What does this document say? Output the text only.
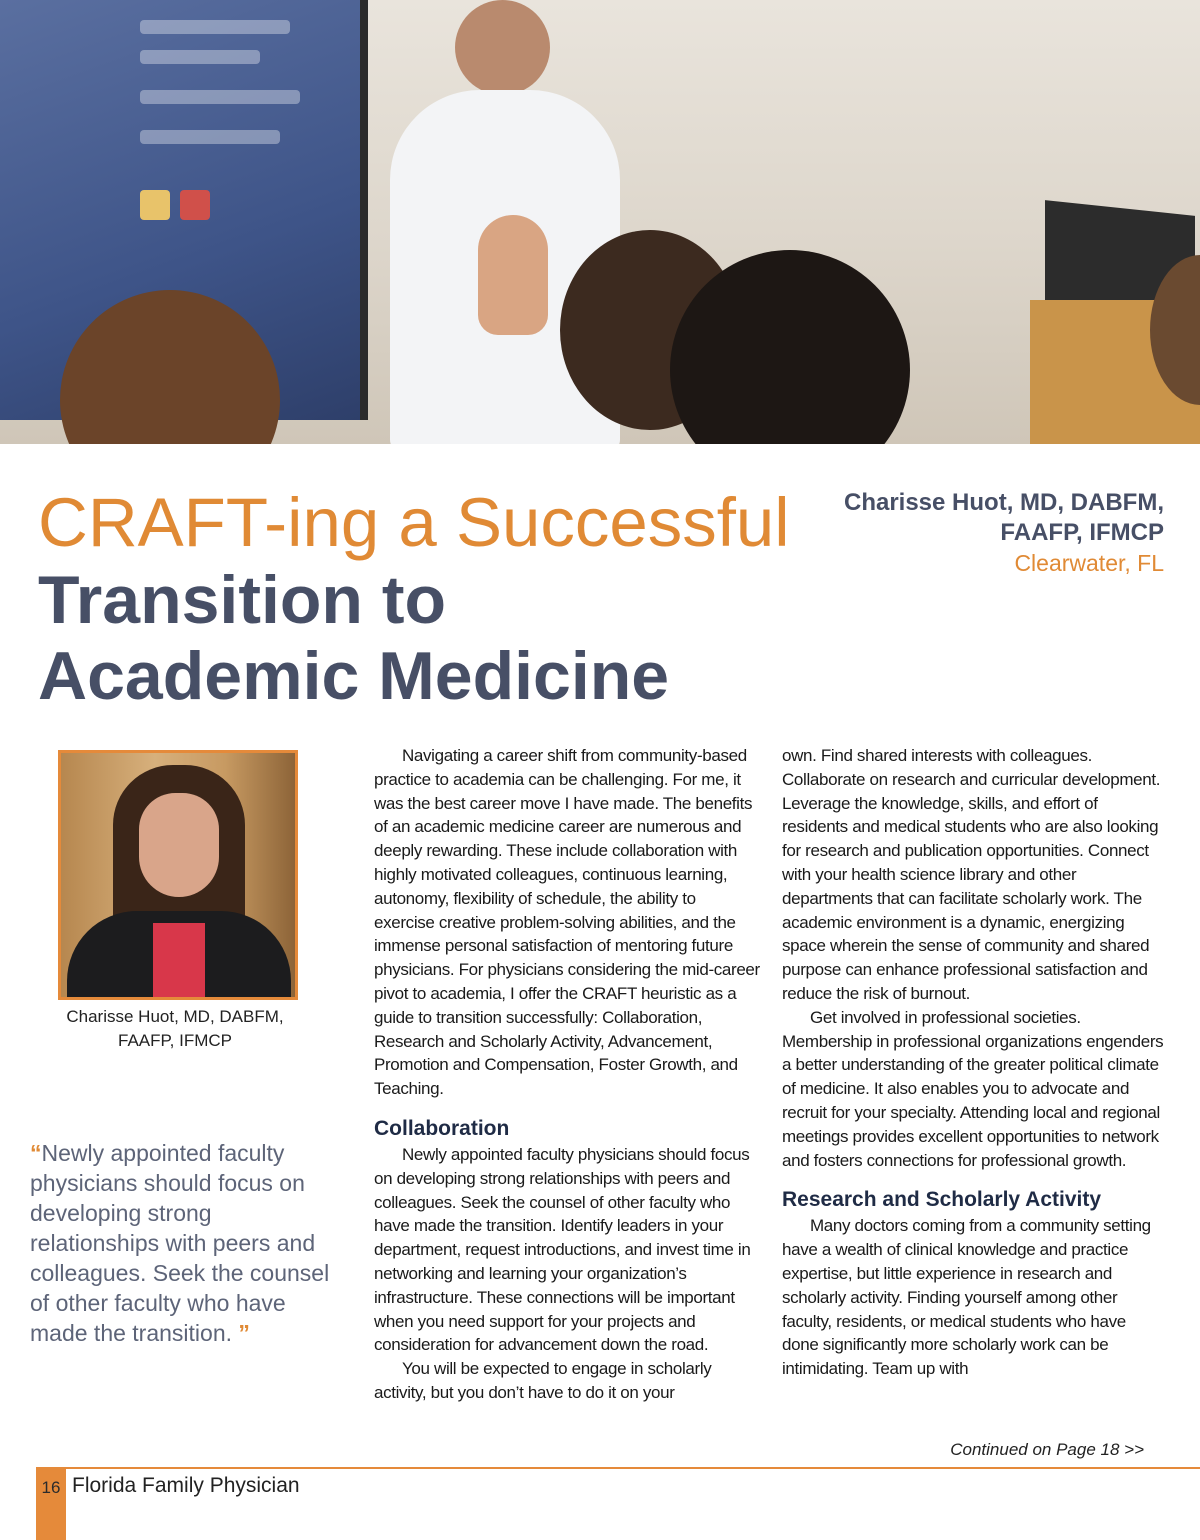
CRAFT-ing a Successful
Transition to
Academic Medicine
Charisse Huot, MD, DABFM,
FAAFP, IFMCP
Clearwater, FL
Charisse Huot, MD, DABFM,
FAAFP, IFMCP
“Newly appointed faculty physicians should focus on developing strong relationships with peers and colleagues. Seek the counsel of other faculty who have made the transition. ”

Navigating a career shift from community-based practice to academia can be challenging. For me, it was the best career move I have made. The benefits of an academic medicine career are numerous and deeply rewarding. These include collaboration with highly motivated colleagues, continuous learning, autonomy, flexibility of schedule, the ability to exercise creative problem-solving abilities, and the immense personal satisfaction of mentoring future physicians. For physicians considering the mid-career pivot to academia, I offer the CRAFT heuristic as a guide to transition successfully: Collaboration, Research and Scholarly Activity, Advancement, Promotion and Compensation, Foster Growth, and Teaching.

Collaboration

Newly appointed faculty physicians should focus on developing strong relationships with peers and colleagues. Seek the counsel of other faculty who have made the transition. Identify leaders in your department, request introductions, and invest time in networking and learning your organization’s infrastructure. These connections will be important when you need support for your projects and consideration for advancement down the road.

You will be expected to engage in scholarly activity, but you don’t have to do it on your

own. Find shared interests with colleagues. Collaborate on research and curricular development. Leverage the knowledge, skills, and effort of residents and medical students who are also looking for research and publication opportunities. Connect with your health science library and other departments that can facilitate scholarly work. The academic environment is a dynamic, energizing space wherein the sense of community and shared purpose can enhance professional satisfaction and reduce the risk of burnout.

Get involved in professional societies. Membership in professional organizations engenders a better understanding of the greater political climate of medicine. It also enables you to advocate and recruit for your specialty. Attending local and regional meetings provides excellent opportunities to network and fosters connections for professional growth.

Research and Scholarly Activity

Many doctors coming from a community setting have a wealth of clinical knowledge and practice expertise, but little experience in research and scholarly activity. Finding yourself among other faculty, residents, or medical students who have done significantly more scholarly work can be intimidating. Team up with

Continued on Page 18 >>
16 Florida Family Physician
